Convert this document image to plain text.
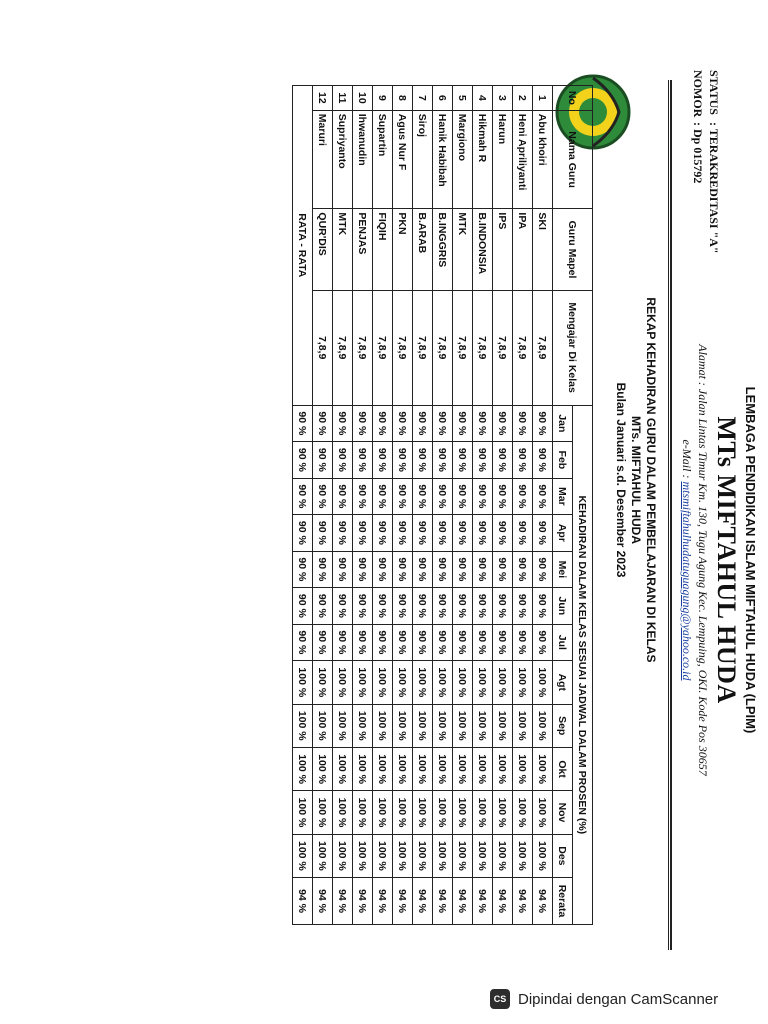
STATUS: TERAKREDITASI "A"
NOMOR: Dp 015792
LEMBAGA PENDIDIKAN ISLAM MIFTAHUL HUDA (LPIM)
MTs MIFTAHUL HUDA
Alamat : Jalan Lintas Timur Km. 130, Tugu Agung Kec. Lempuing, OKI. Kode Pos 30657
e-Mail : mtsmiftahulhudatuguagung@yahoo.co.id
REKAP KEHADIRAN GURU DALAM PEMBELAJARAN DI KELAS
MTs. MIFTAHUL HUDA
Bulan Januari s.d. Desember 2023
No	Nama Guru	Guru Mapel	Mengajar Di Kelas	KEHADIRAN DALAM KELAS SESUAI JADWAL DALAM PROSEN (%)												
				Jan	Feb	Mar	Apr	Mei	Jun	Jul	Agt	Sep	Okt	Nov	Des	Rerata
1	Abu khoiri	SKI	7,8,9	90 %	90 %	90 %	90 %	90 %	90 %	90 %	100 %	100 %	100 %	100 %	100 %	94 %
2	Heni Apriliyanti	IPA	7,8,9	90 %	90 %	90 %	90 %	90 %	90 %	90 %	100 %	100 %	100 %	100 %	100 %	94 %
3	Harun	IPS	7,8,9	90 %	90 %	90 %	90 %	90 %	90 %	90 %	100 %	100 %	100 %	100 %	100 %	94 %
4	Hikmah R	B.INDONSIA	7,8,9	90 %	90 %	90 %	90 %	90 %	90 %	90 %	100 %	100 %	100 %	100 %	100 %	94 %
5	Margiono	MTK	7,8,9	90 %	90 %	90 %	90 %	90 %	90 %	90 %	100 %	100 %	100 %	100 %	100 %	94 %
6	Hanik Habibah	B.INGGRIS	7,8,9	90 %	90 %	90 %	90 %	90 %	90 %	90 %	100 %	100 %	100 %	100 %	100 %	94 %
7	Siroj	B.ARAB	7,8,9	90 %	90 %	90 %	90 %	90 %	90 %	90 %	100 %	100 %	100 %	100 %	100 %	94 %
8	Agus Nur F	PKN	7,8,9	90 %	90 %	90 %	90 %	90 %	90 %	90 %	100 %	100 %	100 %	100 %	100 %	94 %
9	Supartin	FIQIH	7,8,9	90 %	90 %	90 %	90 %	90 %	90 %	90 %	100 %	100 %	100 %	100 %	100 %	94 %
10	Ihwanudin	PENJAS	7,8,9	90 %	90 %	90 %	90 %	90 %	90 %	90 %	100 %	100 %	100 %	100 %	100 %	94 %
11	Supriyanto	MTK	7,8,9	90 %	90 %	90 %	90 %	90 %	90 %	90 %	100 %	100 %	100 %	100 %	100 %	94 %
12	Maruri	QUR'DIS	7,8,9	90 %	90 %	90 %	90 %	90 %	90 %	90 %	100 %	100 %	100 %	100 %	100 %	94 %
RATA - RATA				90 %	90 %	90 %	90 %	90 %	90 %	90 %	100 %	100 %	100 %	100 %	100 %	94 %
CS Dipindai dengan CamScanner
